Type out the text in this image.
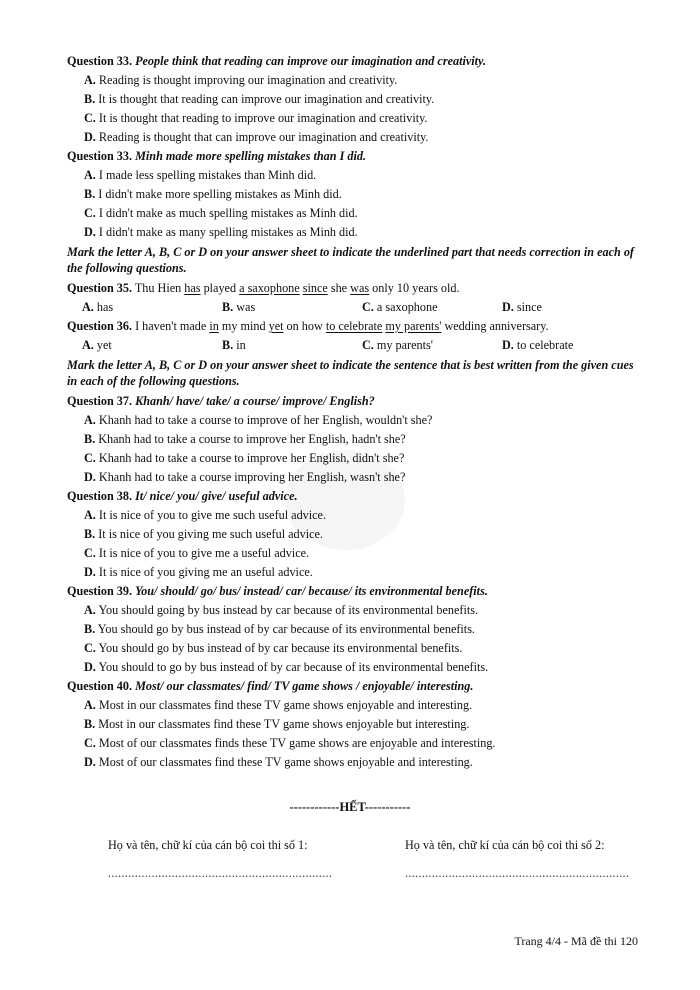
Question 33. People think that reading can improve our imagination and creativity.
A. Reading is thought improving our imagination and creativity.
B. It is thought that reading can improve our imagination and creativity.
C. It is thought that reading to improve our imagination and creativity.
D. Reading is thought that can improve our imagination and creativity.
Question 33. Minh made more spelling mistakes than I did.
A. I made less spelling mistakes than Minh did.
B. I didn't make more spelling mistakes as Minh did.
C. I didn't make as much spelling mistakes as Minh did.
D. I didn't make as many spelling mistakes as Minh did.
Mark the letter A, B, C or D on your answer sheet to indicate the underlined part that needs correction in each of the following questions.
Question 35. Thu Hien has played a saxophone since she was only 10 years old.
A. has	B. was	C. a saxophone	D. since
Question 36. I haven't made in my mind yet on how to celebrate my parents' wedding anniversary.
A. yet	B. in	C. my parents'	D. to celebrate
Mark the letter A, B, C or D on your answer sheet to indicate the sentence that is best written from the given cues in each of the following questions.
Question 37. Khanh/ have/ take/ a course/ improve/ English?
A. Khanh had to take a course to improve of her English, wouldn't she?
B. Khanh had to take a course to improve her English, hadn't she?
C. Khanh had to take a course to improve her English, didn't she?
D. Khanh had to take a course improving her English, wasn't she?
Question 38. It/ nice/ you/ give/ useful advice.
A. It is nice of you to give me such useful advice.
B. It is nice of you giving me such useful advice.
C. It is nice of you to give me a useful advice.
D. It is nice of you giving me an useful advice.
Question 39. You/ should/ go/ bus/ instead/ car/ because/ its environmental benefits.
A. You should going by bus instead by car because of its environmental benefits.
B. You should go by bus instead of by car because of its environmental benefits.
C. You should go by bus instead of by car because its environmental benefits.
D. You should to go by bus instead of by car because of its environmental benefits.
Question 40. Most/ our classmates/ find/ TV game shows / enjoyable/ interesting.
A. Most in our classmates find these TV game shows enjoyable and interesting.
B. Most in our classmates find these TV game shows enjoyable but interesting.
C. Most of our classmates finds these TV game shows are enjoyable and interesting.
D. Most of our classmates find these TV game shows enjoyable and interesting.
------------HẾT-----------
Họ và tên, chữ kí của cán bộ coi thi số 1:
...................................................................
Họ và tên, chữ kí của cán bộ coi thi số 2:
...................................................................
Trang 4/4 - Mã đề thi 120
